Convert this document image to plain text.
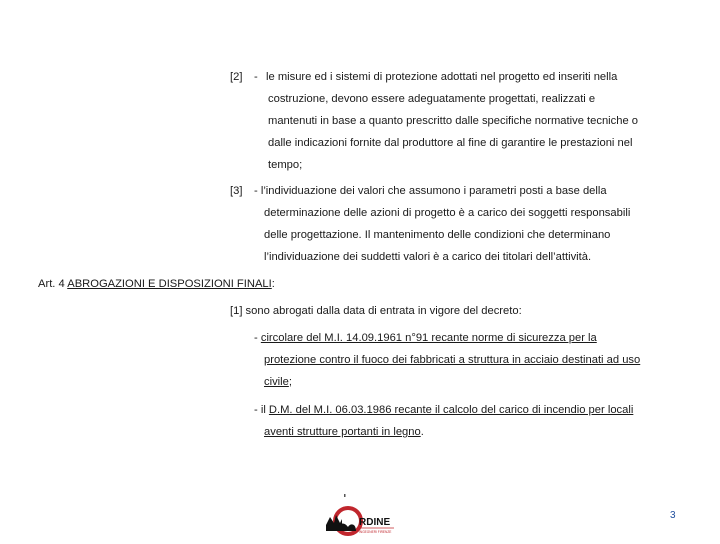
[2] - le misure ed i sistemi di protezione adottati nel progetto ed inseriti nella
costruzione, devono essere adeguatamente progettati, realizzati e
mantenuti in base a quanto prescritto dalle specifiche normative tecniche o
dalle indicazioni fornite dal produttore al fine di garantire le prestazioni nel
tempo;
[3] - l’individuazione dei valori che assumono i parametri posti a base della
determinazione delle azioni di progetto è a carico dei soggetti responsabili
delle progettazione. Il mantenimento delle condizioni che determinano
l’individuazione dei suddetti valori è a carico dei titolari dell’attività.
Art. 4 ABROGAZIONI E DISPOSIZIONI FINALI:
[1] sono abrogati dalla data di entrata in vigore del decreto:
- circolare del M.I. 14.09.1961 n°91 recante norme di sicurezza per la
protezione contro il fuoco dei fabbricati a struttura in acciaio destinati ad uso
civile;
- il D.M. del M.I. 06.03.1986 recante il calcolo del carico di incendio per locali
aventi strutture portanti in legno.
RDINE
INGEGNERI FIRENZE
3
